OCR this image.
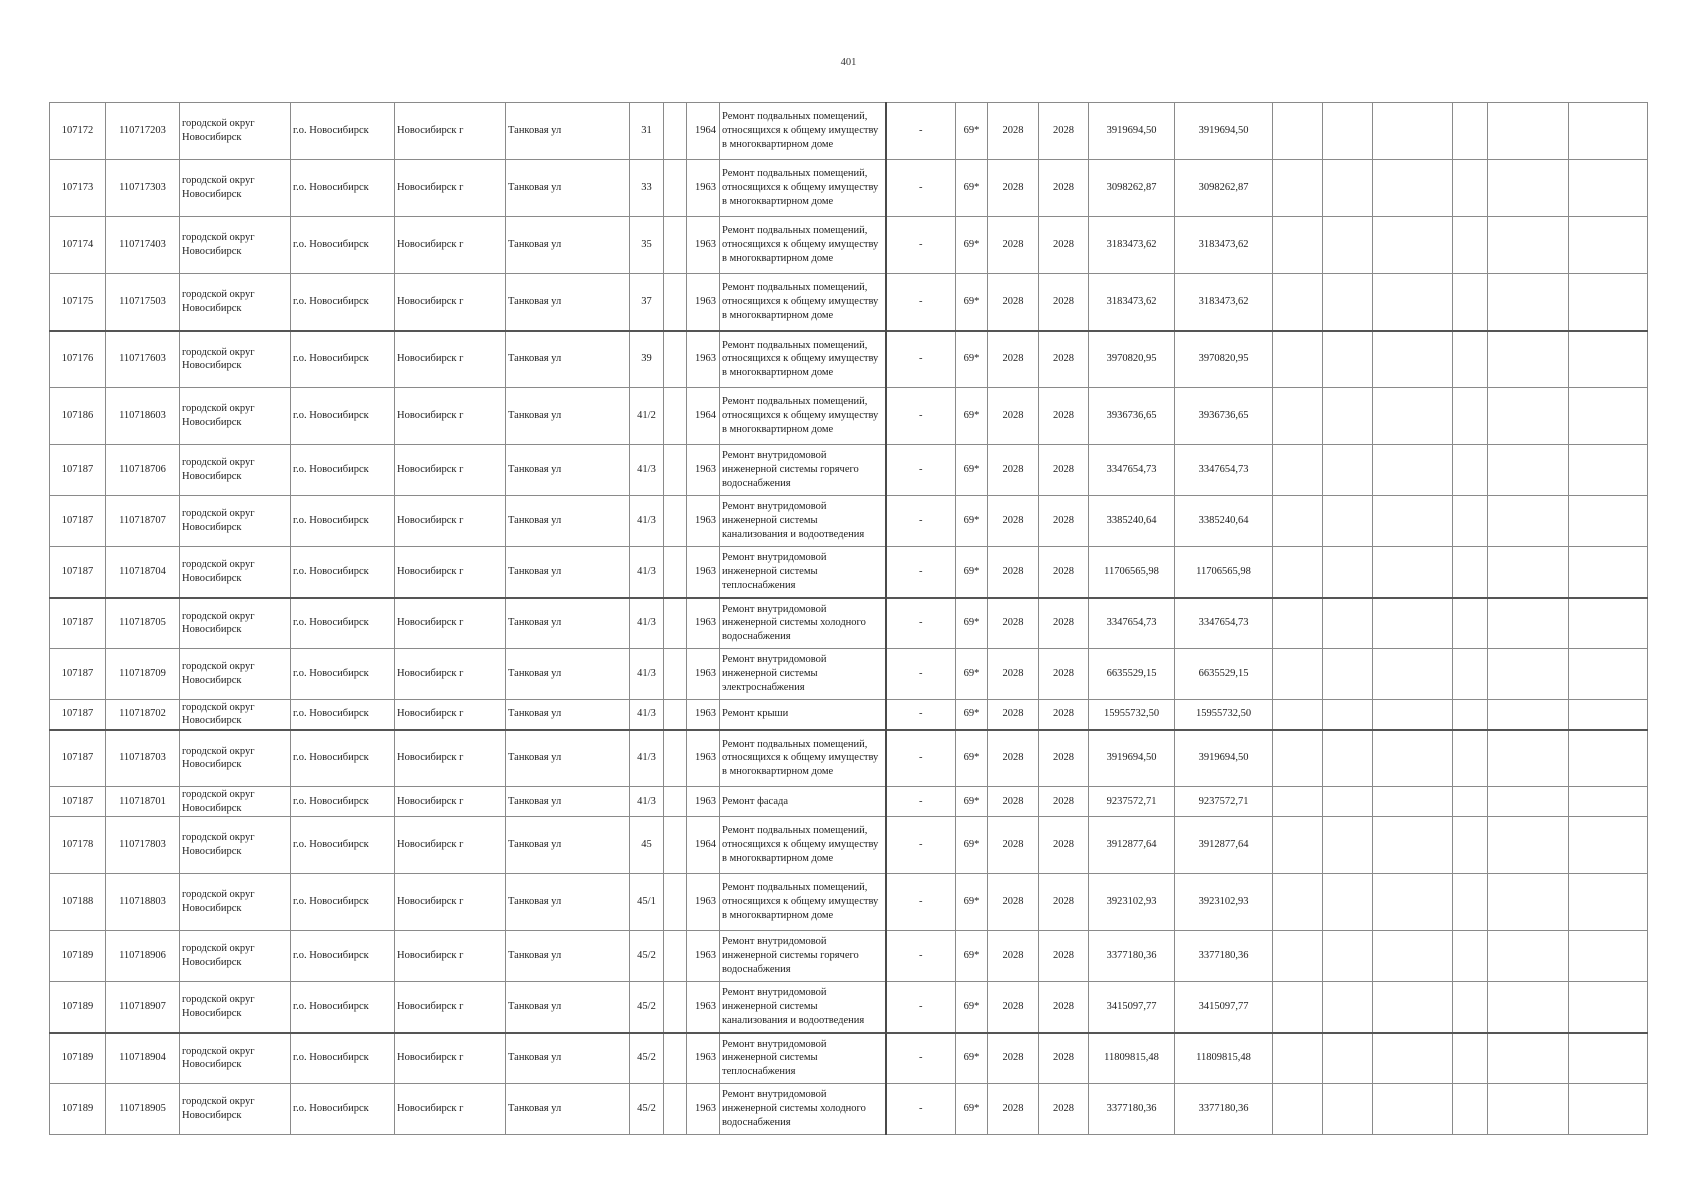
401
107172	110717203	городской округ Новосибирск	г.о. Новосибирск	Новосибирск г	Танковая ул	31		1964	Ремонт подвальных помещений, относящихся к общему имуществу в многоквартирном доме	-	69*	2028	2028	3919694,50	3919694,50						
107173	110717303	городской округ Новосибирск	г.о. Новосибирск	Новосибирск г	Танковая ул	33		1963	Ремонт подвальных помещений, относящихся к общему имуществу в многоквартирном доме	-	69*	2028	2028	3098262,87	3098262,87						
107174	110717403	городской округ Новосибирск	г.о. Новосибирск	Новосибирск г	Танковая ул	35		1963	Ремонт подвальных помещений, относящихся к общему имуществу в многоквартирном доме	-	69*	2028	2028	3183473,62	3183473,62						
107175	110717503	городской округ Новосибирск	г.о. Новосибирск	Новосибирск г	Танковая ул	37		1963	Ремонт подвальных помещений, относящихся к общему имуществу в многоквартирном доме	-	69*	2028	2028	3183473,62	3183473,62						
107176	110717603	городской округ Новосибирск	г.о. Новосибирск	Новосибирск г	Танковая ул	39		1963	Ремонт подвальных помещений, относящихся к общему имуществу в многоквартирном доме	-	69*	2028	2028	3970820,95	3970820,95						
107186	110718603	городской округ Новосибирск	г.о. Новосибирск	Новосибирск г	Танковая ул	41/2		1964	Ремонт подвальных помещений, относящихся к общему имуществу в многоквартирном доме	-	69*	2028	2028	3936736,65	3936736,65						
107187	110718706	городской округ Новосибирск	г.о. Новосибирск	Новосибирск г	Танковая ул	41/3		1963	Ремонт внутридомовой инженерной системы горячего водоснабжения	-	69*	2028	2028	3347654,73	3347654,73						
107187	110718707	городской округ Новосибирск	г.о. Новосибирск	Новосибирск г	Танковая ул	41/3		1963	Ремонт внутридомовой инженерной системы канализования и водоотведения	-	69*	2028	2028	3385240,64	3385240,64						
107187	110718704	городской округ Новосибирск	г.о. Новосибирск	Новосибирск г	Танковая ул	41/3		1963	Ремонт внутридомовой инженерной системы теплоснабжения	-	69*	2028	2028	11706565,98	11706565,98						
107187	110718705	городской округ Новосибирск	г.о. Новосибирск	Новосибирск г	Танковая ул	41/3		1963	Ремонт внутридомовой инженерной системы холодного водоснабжения	-	69*	2028	2028	3347654,73	3347654,73						
107187	110718709	городской округ Новосибирск	г.о. Новосибирск	Новосибирск г	Танковая ул	41/3		1963	Ремонт внутридомовой инженерной системы электроснабжения	-	69*	2028	2028	6635529,15	6635529,15						
107187	110718702	городской округ Новосибирск	г.о. Новосибирск	Новосибирск г	Танковая ул	41/3		1963	Ремонт крыши	-	69*	2028	2028	15955732,50	15955732,50						
107187	110718703	городской округ Новосибирск	г.о. Новосибирск	Новосибирск г	Танковая ул	41/3		1963	Ремонт подвальных помещений, относящихся к общему имуществу в многоквартирном доме	-	69*	2028	2028	3919694,50	3919694,50						
107187	110718701	городской округ Новосибирск	г.о. Новосибирск	Новосибирск г	Танковая ул	41/3		1963	Ремонт фасада	-	69*	2028	2028	9237572,71	9237572,71						
107178	110717803	городской округ Новосибирск	г.о. Новосибирск	Новосибирск г	Танковая ул	45		1964	Ремонт подвальных помещений, относящихся к общему имуществу в многоквартирном доме	-	69*	2028	2028	3912877,64	3912877,64						
107188	110718803	городской округ Новосибирск	г.о. Новосибирск	Новосибирск г	Танковая ул	45/1		1963	Ремонт подвальных помещений, относящихся к общему имуществу в многоквартирном доме	-	69*	2028	2028	3923102,93	3923102,93						
107189	110718906	городской округ Новосибирск	г.о. Новосибирск	Новосибирск г	Танковая ул	45/2		1963	Ремонт внутридомовой инженерной системы горячего водоснабжения	-	69*	2028	2028	3377180,36	3377180,36						
107189	110718907	городской округ Новосибирск	г.о. Новосибирск	Новосибирск г	Танковая ул	45/2		1963	Ремонт внутридомовой инженерной системы канализования и водоотведения	-	69*	2028	2028	3415097,77	3415097,77						
107189	110718904	городской округ Новосибирск	г.о. Новосибирск	Новосибирск г	Танковая ул	45/2		1963	Ремонт внутридомовой инженерной системы теплоснабжения	-	69*	2028	2028	11809815,48	11809815,48						
107189	110718905	городской округ Новосибирск	г.о. Новосибирск	Новосибирск г	Танковая ул	45/2		1963	Ремонт внутридомовой инженерной системы холодного водоснабжения	-	69*	2028	2028	3377180,36	3377180,36						
